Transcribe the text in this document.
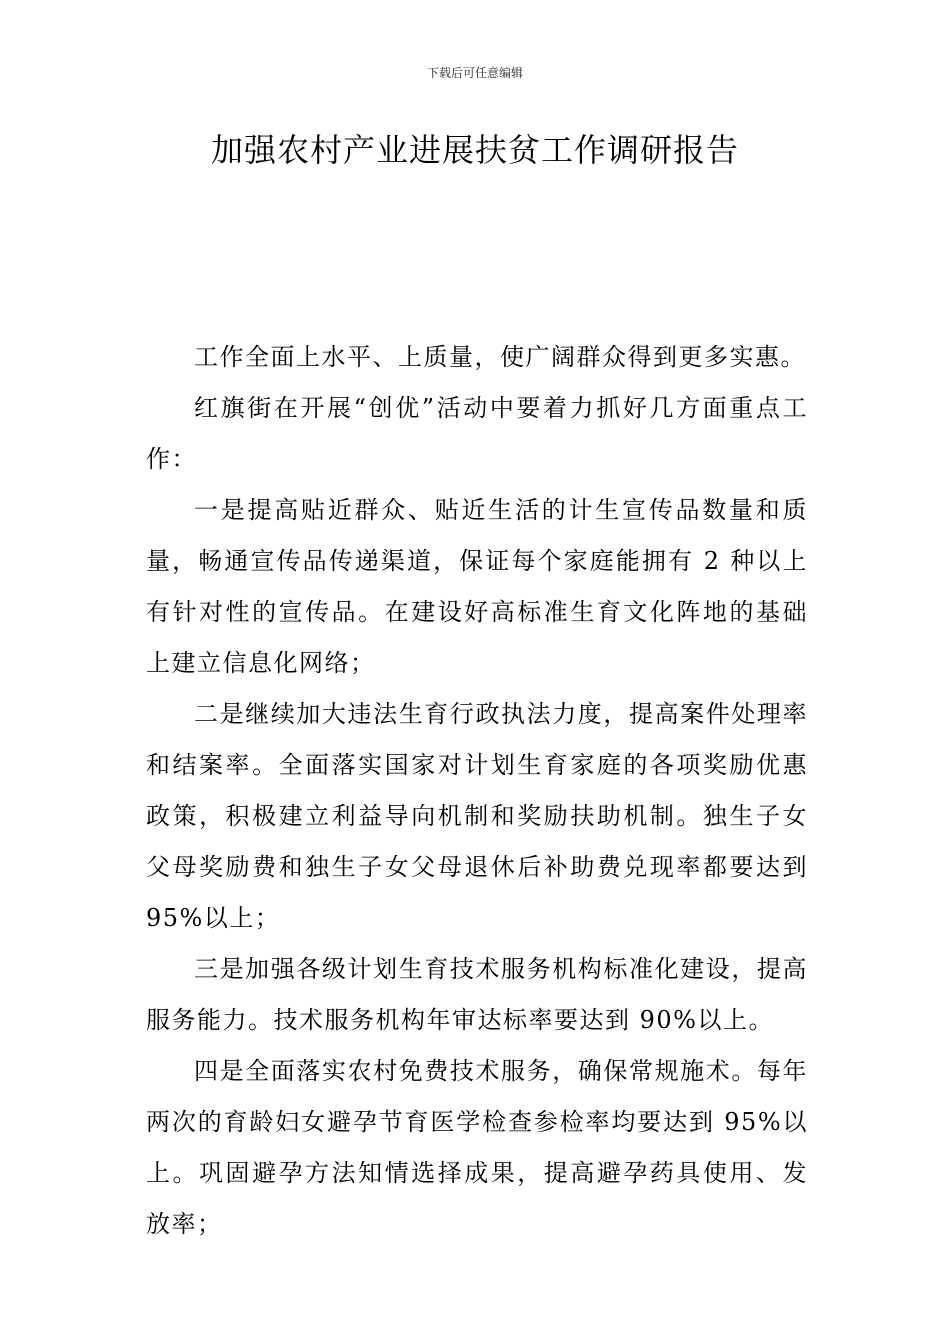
下载后可任意编辑
加强农村产业进展扶贫工作调研报告

工作全面上水平、上质量，使广阔群众得到更多实惠。

红旗街在开展“创优”活动中要着力抓好几方面重点工作：

一是提高贴近群众、贴近生活的计生宣传品数量和质量，畅通宣传品传递渠道，保证每个家庭能拥有 2 种以上有针对性的宣传品。在建设好高标准生育文化阵地的基础上建立信息化网络；

二是继续加大违法生育行政执法力度，提高案件处理率和结案率。全面落实国家对计划生育家庭的各项奖励优惠政策，积极建立利益导向机制和奖励扶助机制。独生子女父母奖励费和独生子女父母退休后补助费兑现率都要达到 95%以上；

三是加强各级计划生育技术服务机构标准化建设，提高服务能力。技术服务机构年审达标率要达到 90%以上。

四是全面落实农村免费技术服务，确保常规施术。每年两次的育龄妇女避孕节育医学检查参检率均要达到 95%以上。巩固避孕方法知情选择成果，提高避孕药具使用、发放率；
